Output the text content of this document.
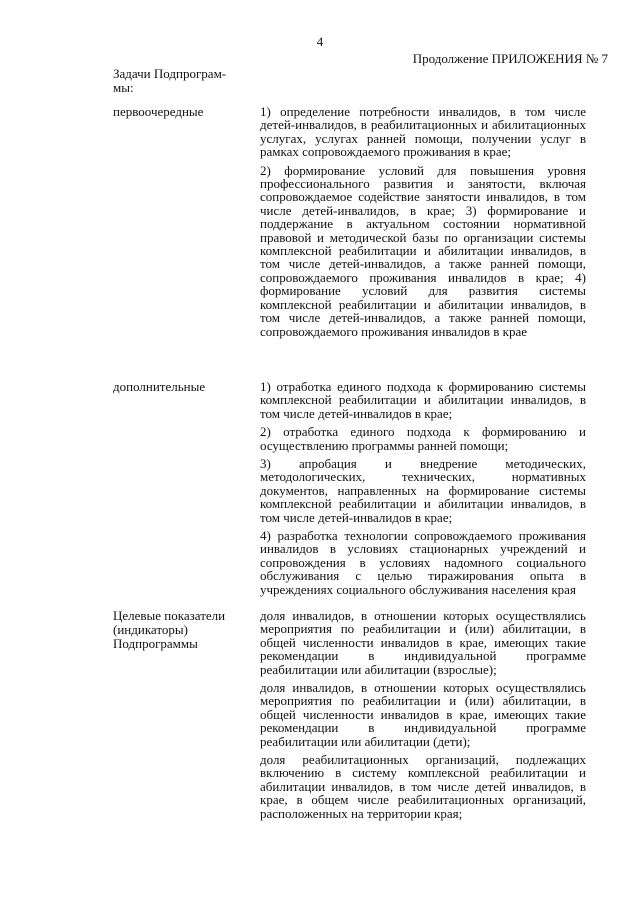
4
Продолжение ПРИЛОЖЕНИЯ № 7
Задачи Подпрограм-
мы:
первоочередные	1) определение потребности инвалидов, в том числе детей-инвалидов, в реабилитационных и абилитационных услугах, услугах ранней помощи, получении услуг в рамках сопровождаемого проживания в крае;

2) формирование условий для повышения уровня профессионального развития и занятости, включая сопровождаемое содействие занятости инвалидов, в том числе детей-инвалидов, в крае; 3) формирование и поддержание в актуальном состоянии нормативной правовой и методической базы по организации системы комплексной реабилитации и абилитации инвалидов, в том числе детей-инвалидов, а также ранней помощи, сопровождаемого проживания инвалидов в крае; 4) формирование условий для развития системы комплексной реабилитации и абилитации инвалидов, в том числе детей-инвалидов, а также ранней помощи, сопровождаемого проживания инвалидов в крае

дополнительные	1) отработка единого подхода к формированию системы комплексной реабилитации и абилитации инвалидов, в том числе детей-инвалидов в крае;

2) отработка единого подхода к формированию и осуществлению программы ранней помощи;

3) апробация и внедрение методических, методологических, технических, нормативных документов, направленных на формирование системы комплексной реабилитации и абилитации инвалидов, в том числе детей-инвалидов в крае;

4) разработка технологии сопровождаемого проживания инвалидов в условиях стационарных учреждений и сопровождения в условиях надомного социального обслуживания с целью тиражирования опыта в учреждениях социального обслуживания населения края

Целевые показатели
(индикаторы)
Подпрограммы

доля инвалидов, в отношении которых осуществлялись мероприятия по реабилитации и (или) абилитации, в общей численности инвалидов в крае, имеющих такие рекомендации в индивидуальной программе реабилитации или абилитации (взрослые);

доля инвалидов, в отношении которых осуществлялись мероприятия по реабилитации и (или) абилитации, в общей численности инвалидов в крае, имеющих такие рекомендации в индивидуальной программе реабилитации или абилитации (дети);

доля реабилитационных организаций, подлежащих включению в систему комплексной реабилитации и абилитации инвалидов, в том числе детей инвалидов, в крае, в общем числе реабилитационных организаций, расположенных на территории края;
